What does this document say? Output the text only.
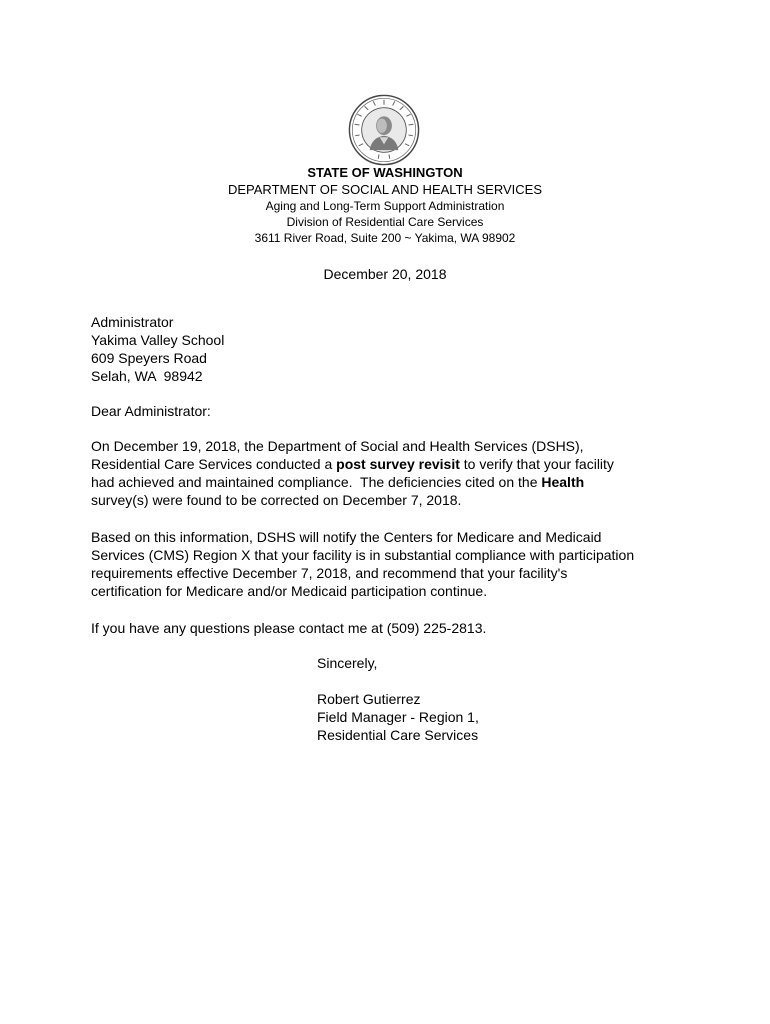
STATE OF WASHINGTON
DEPARTMENT OF SOCIAL AND HEALTH SERVICES
Aging and Long-Term Support Administration
Division of Residential Care Services
3611 River Road, Suite 200 ~ Yakima, WA 98902
December 20, 2018
Administrator
Yakima Valley School
609 Speyers Road
Selah, WA  98942
Dear Administrator:
On December 19, 2018, the Department of Social and Health Services (DSHS),
Residential Care Services conducted a post survey revisit to verify that your facility
had achieved and maintained compliance.  The deficiencies cited on the Health
survey(s) were found to be corrected on December 7, 2018.
Based on this information, DSHS will notify the Centers for Medicare and Medicaid
Services (CMS) Region X that your facility is in substantial compliance with participation
requirements effective December 7, 2018, and recommend that your facility's
certification for Medicare and/or Medicaid participation continue.
If you have any questions please contact me at (509) 225-2813.
Sincerely,
Robert Gutierrez
Field Manager - Region 1,
Residential Care Services
